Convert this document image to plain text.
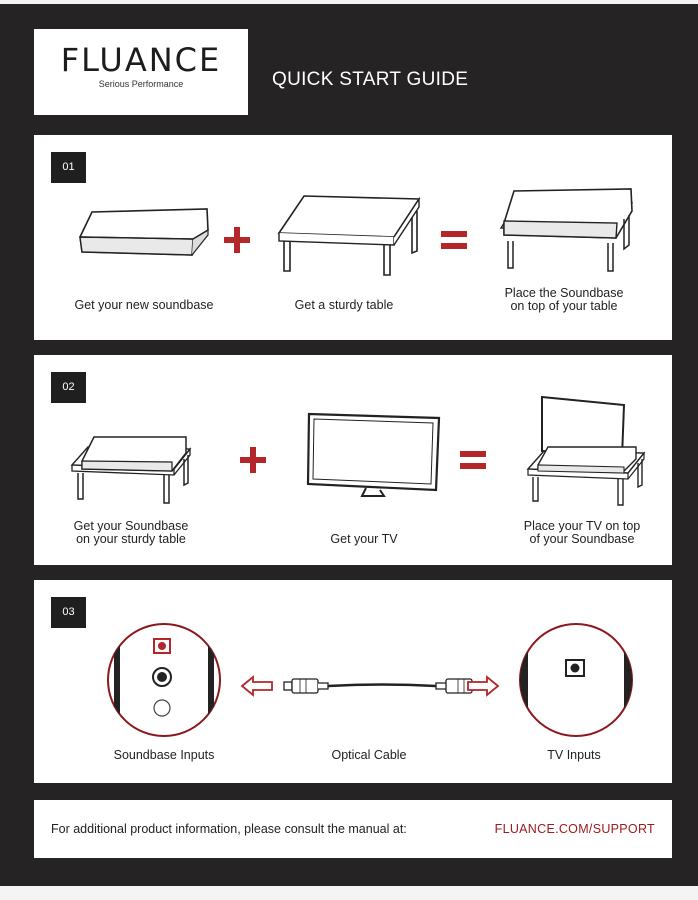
FLUANCE
Serious Performance	QUICK START GUIDE
01
Get your new soundbase	Get a sturdy table
Place the Soundbase
on top of your table
02
Get your Soundbase
on your sturdy table	Get your TV
Place your TV on top
of your Soundbase
03
Soundbase Inputs	Optical Cable	TV Inputs
For additional product information, please consult the manual at:	FLUANCE.COM/SUPPORT
